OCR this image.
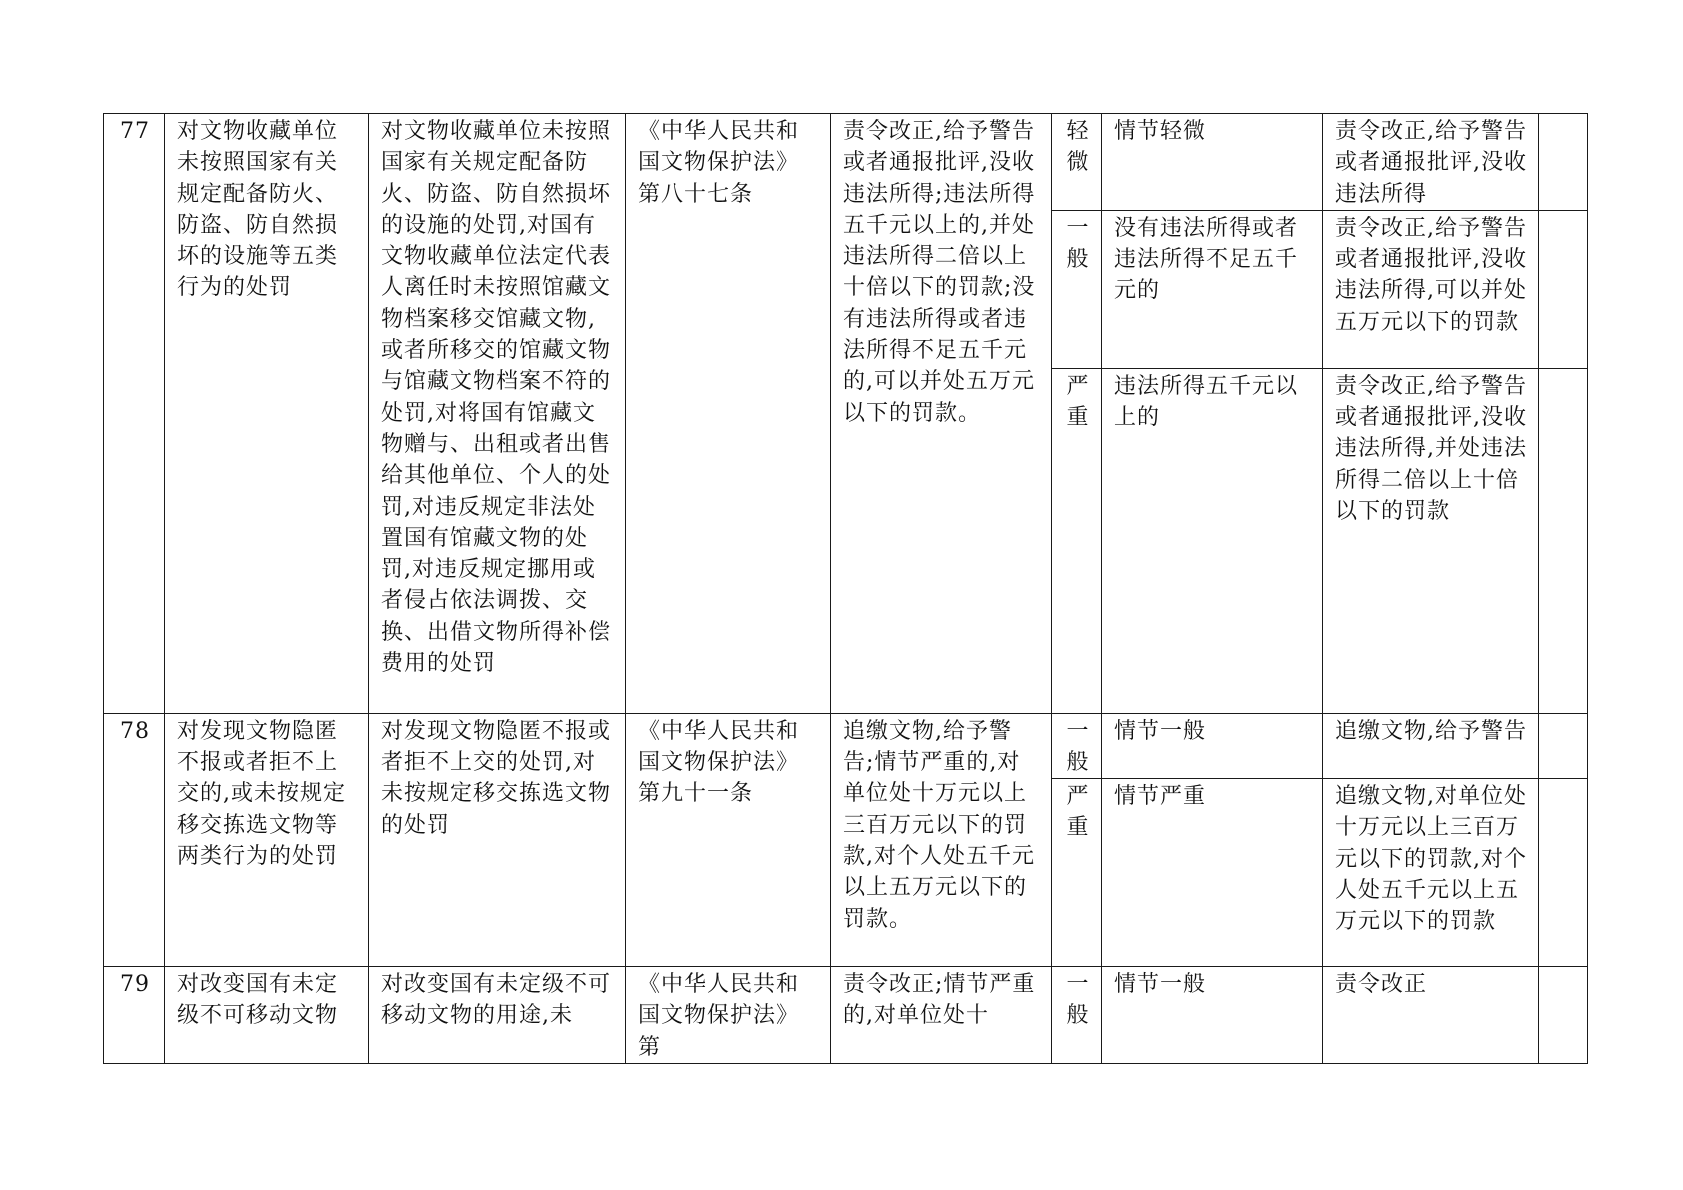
77	对文物收藏单位未按照国家有关规定配备防火、防盗、防自然损坏的设施等五类行为的处罚	对文物收藏单位未按照国家有关规定配备防火、防盗、防自然损坏的设施的处罚,对国有文物收藏单位法定代表人离任时未按照馆藏文物档案移交馆藏文物,或者所移交的馆藏文物与馆藏文物档案不符的处罚,对将国有馆藏文物赠与、出租或者出售给其他单位、个人的处罚,对违反规定非法处置国有馆藏文物的处罚,对违反规定挪用或者侵占依法调拨、交换、出借文物所得补偿费用的处罚	《中华人民共和国文物保护法》第八十七条	责令改正,给予警告或者通报批评,没收违法所得;违法所得五千元以上的,并处违法所得二倍以上十倍以下的罚款;没有违法所得或者违法所得不足五千元的,可以并处五万元以下的罚款。	轻微	情节轻微	责令改正,给予警告或者通报批评,没收违法所得	
					一般	没有违法所得或者违法所得不足五千元的	责令改正,给予警告或者通报批评,没收违法所得,可以并处五万元以下的罚款	
					严重	违法所得五千元以上的	责令改正,给予警告或者通报批评,没收违法所得,并处违法所得二倍以上十倍以下的罚款	
78	对发现文物隐匿不报或者拒不上交的,或未按规定移交拣选文物等两类行为的处罚	对发现文物隐匿不报或者拒不上交的处罚,对未按规定移交拣选文物的处罚	《中华人民共和国文物保护法》第九十一条	追缴文物,给予警告;情节严重的,对单位处十万元以上三百万元以下的罚款,对个人处五千元以上五万元以下的罚款。	一般	情节一般	追缴文物,给予警告	
					严重	情节严重	追缴文物,对单位处十万元以上三百万元以下的罚款,对个人处五千元以上五万元以下的罚款	
79	对改变国有未定级不可移动文物	对改变国有未定级不可移动文物的用途,未	《中华人民共和国文物保护法》第	责令改正;情节严重的,对单位处十	一般	情节一般	责令改正	
